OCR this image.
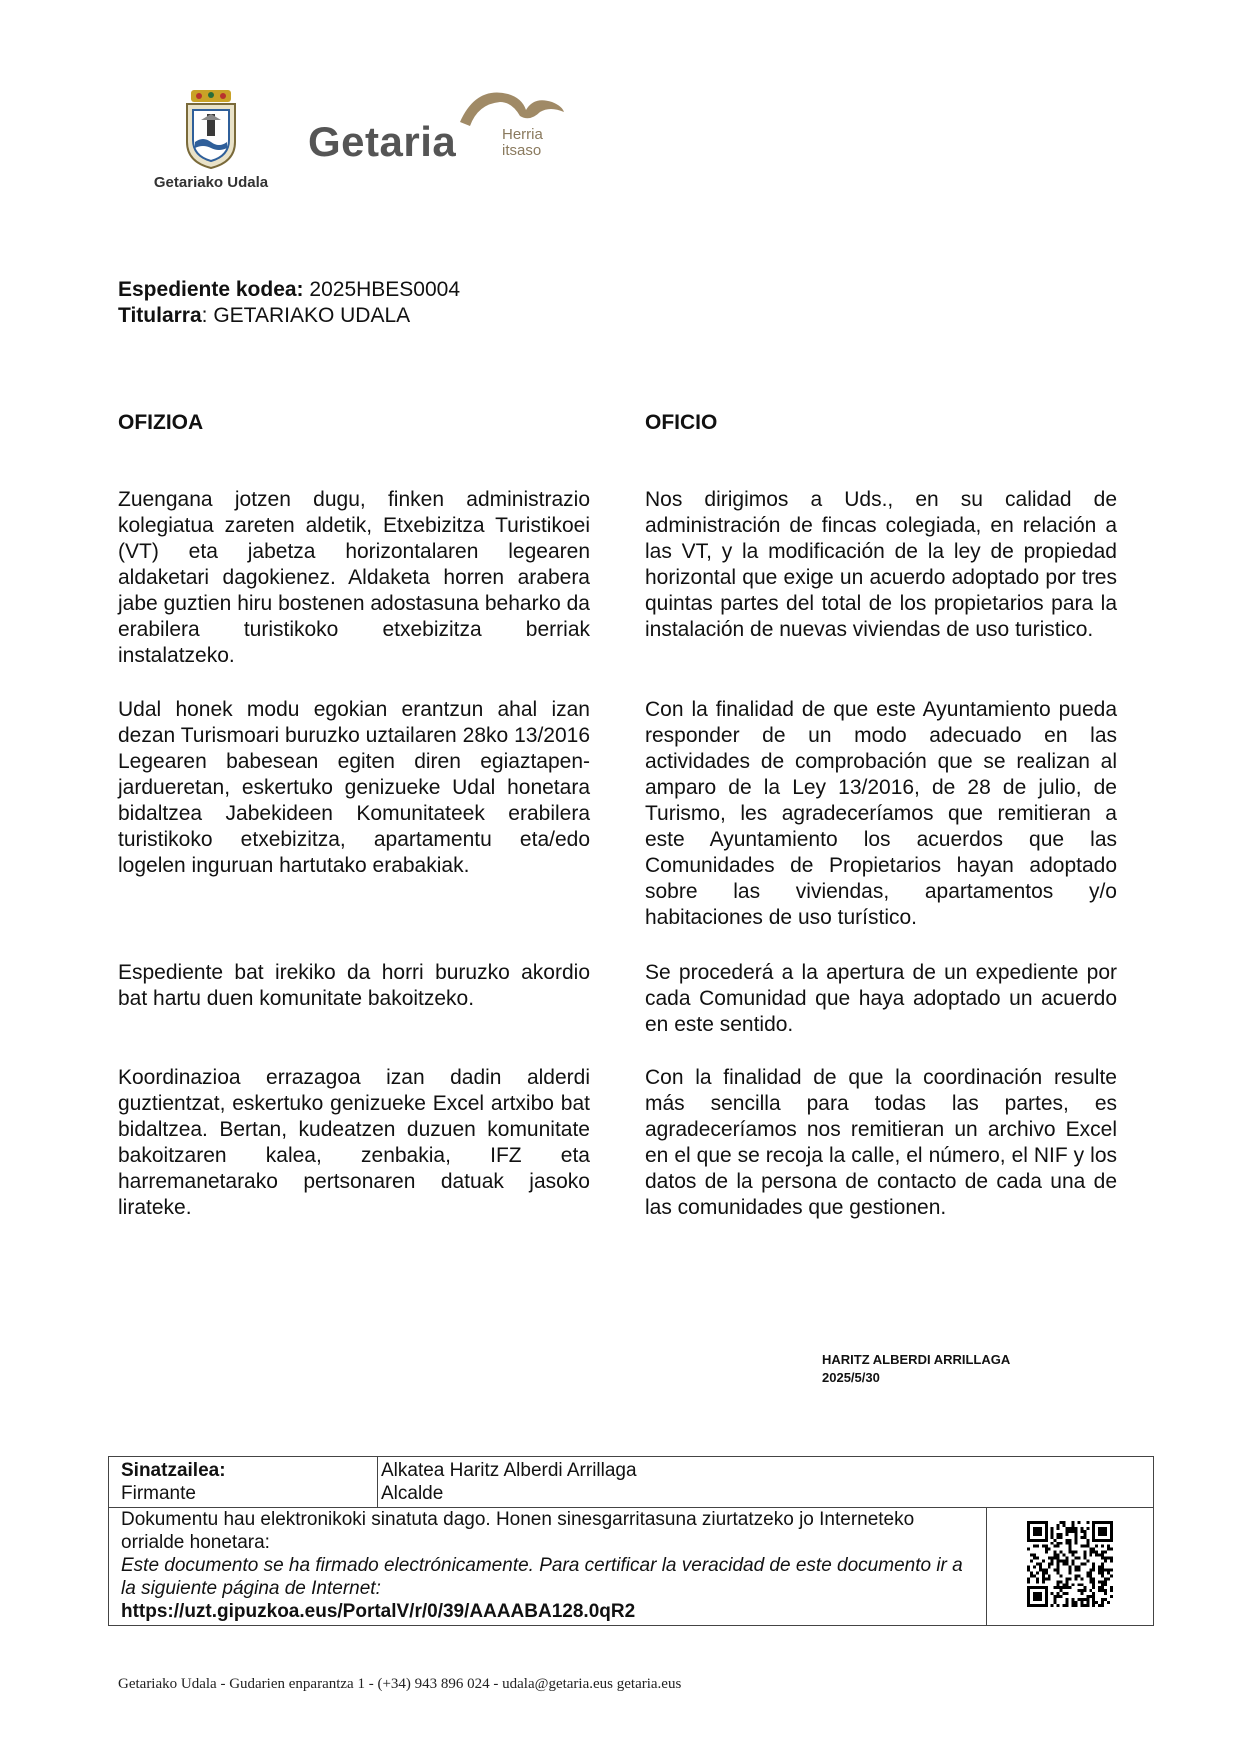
Getariako Udala
Getaria	Herria
itsaso
Espediente kodea: 2025HBES0004
Titularra: GETARIAKO UDALA
OFIZIOA	OFICIO
Zuengana jotzen dugu, finken administrazio kolegiatua zareten aldetik, Etxebizitza Turistikoei (VT) eta jabetza horizontalaren legearen aldaketari dagokienez. Aldaketa horren arabera jabe guztien hiru bostenen adostasuna beharko da erabilera turistikoko etxebizitza berriak instalatzeko.
Udal honek modu egokian erantzun ahal izan dezan Turismoari buruzko uztailaren 28ko 13/2016 Legearen babesean egiten diren egiaztapen-jardueretan, eskertuko genizueke Udal honetara bidaltzea Jabekideen Komunitateek erabilera turistikoko etxebizitza, apartamentu eta/edo logelen inguruan hartutako erabakiak.
Espediente bat irekiko da horri buruzko akordio bat hartu duen komunitate bakoitzeko.
Koordinazioa errazagoa izan dadin alderdi guztientzat, eskertuko genizueke Excel artxibo bat bidaltzea. Bertan, kudeatzen duzuen komunitate bakoitzaren kalea, zenbakia, IFZ eta harremanetarako pertsonaren datuak jasoko lirateke.
Nos dirigimos a Uds., en su calidad de administración de fincas colegiada, en relación a las VT, y la modificación de la ley de propiedad horizontal que exige un acuerdo adoptado por tres quintas partes del total de los propietarios para la instalación de nuevas viviendas de uso turistico.
Con la finalidad de que este Ayuntamiento pueda responder de un modo adecuado en las actividades de comprobación que se realizan al amparo de la Ley 13/2016, de 28 de julio, de Turismo, les agradeceríamos que remitieran a este Ayuntamiento los acuerdos que las Comunidades de Propietarios hayan adoptado sobre las viviendas, apartamentos y/o habitaciones de uso turístico.
Se procederá a la apertura de un expediente por cada Comunidad que haya adoptado un acuerdo en este sentido.
Con la finalidad de que la coordinación resulte más sencilla para todas las partes, es agradeceríamos nos remitieran un archivo Excel en el que se recoja la calle, el número, el NIF y los datos de la persona de contacto de cada una de las comunidades que gestionen.
HARITZ ALBERDI ARRILLAGA
2025/5/30
Sinatzailea:
Firmante
Alkatea Haritz Alberdi Arrillaga
Alcalde
Dokumentu hau elektronikoki sinatuta dago. Honen sinesgarritasuna ziurtatzeko jo Interneteko orrialde honetara:
Este documento se ha firmado electrónicamente. Para certificar la veracidad de este documento ir a la siguiente página de Internet:
https://uzt.gipuzkoa.eus/PortalV/r/0/39/AAAABA128.0qR2
Getariako Udala - Gudarien enparantza 1 - (+34) 943 896 024 - udala@getaria.eus getaria.eus
